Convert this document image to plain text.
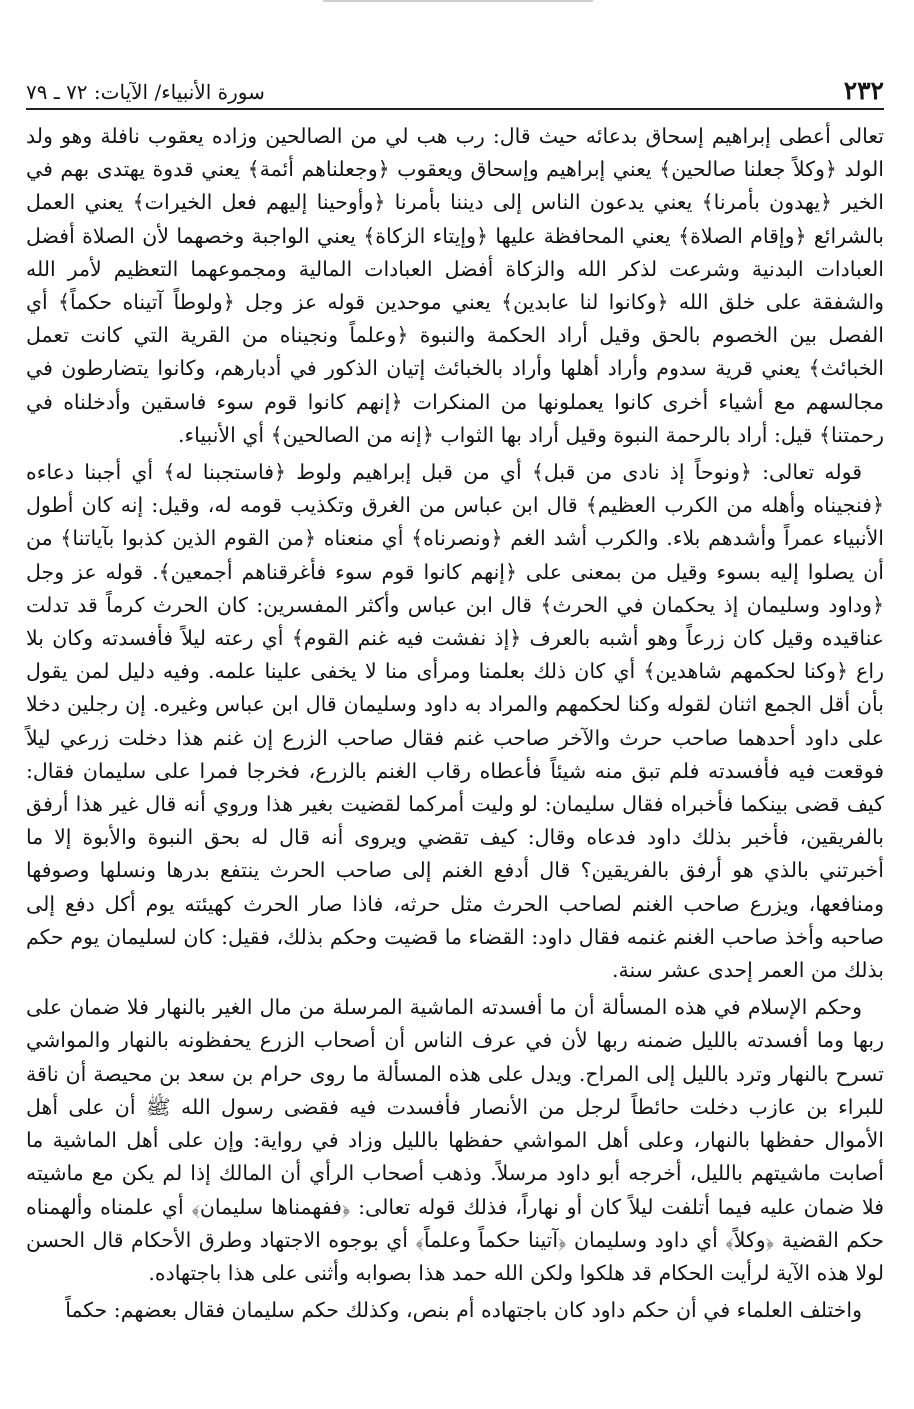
٢٣٢
سورة الأنبياء/ الآيات: ٧٢ ـ ٧٩

تعالى أعطى إبراهيم إسحاق بدعائه حيث قال: رب هب لي من الصالحين وزاده يعقوب نافلة وهو ولد الولد ﴿وكلاً جعلنا صالحين﴾ يعني إبراهيم وإسحاق ويعقوب ﴿وجعلناهم أئمة﴾ يعني قدوة يهتدى بهم في الخير ﴿يهدون بأمرنا﴾ يعني يدعون الناس إلى ديننا بأمرنا ﴿وأوحينا إليهم فعل الخيرات﴾ يعني العمل بالشرائع ﴿وإقام الصلاة﴾ يعني المحافظة عليها ﴿وإيتاء الزكاة﴾ يعني الواجبة وخصهما لأن الصلاة أفضل العبادات البدنية وشرعت لذكر الله والزكاة أفضل العبادات المالية ومجموعهما التعظيم لأمر الله والشفقة على خلق الله ﴿وكانوا لنا عابدين﴾ يعني موحدين قوله عز وجل ﴿ولوطاً آتيناه حكماً﴾ أي الفصل بين الخصوم بالحق وقيل أراد الحكمة والنبوة ﴿وعلماً ونجيناه من القرية التي كانت تعمل الخبائث﴾ يعني قرية سدوم وأراد أهلها وأراد بالخبائث إتيان الذكور في أدبارهم، وكانوا يتضارطون في مجالسهم مع أشياء أخرى كانوا يعملونها من المنكرات ﴿إنهم كانوا قوم سوء فاسقين وأدخلناه في رحمتنا﴾ قيل: أراد بالرحمة النبوة وقيل أراد بها الثواب ﴿إنه من الصالحين﴾ أي الأنبياء.

قوله تعالى: ﴿ونوحاً إذ نادى من قبل﴾ أي من قبل إبراهيم ولوط ﴿فاستجبنا له﴾ أي أجبنا دعاءه ﴿فنجيناه وأهله من الكرب العظيم﴾ قال ابن عباس من الغرق وتكذيب قومه له، وقيل: إنه كان أطول الأنبياء عمراً وأشدهم بلاء. والكرب أشد الغم ﴿ونصرناه﴾ أي منعناه ﴿من القوم الذين كذبوا بآياتنا﴾ من أن يصلوا إليه بسوء وقيل من بمعنى على ﴿إنهم كانوا قوم سوء فأغرقناهم أجمعين﴾. قوله عز وجل ﴿وداود وسليمان إذ يحكمان في الحرث﴾ قال ابن عباس وأكثر المفسرين: كان الحرث كرماً قد تدلت عناقيده وقيل كان زرعاً وهو أشبه بالعرف ﴿إذ نفشت فيه غنم القوم﴾ أي رعته ليلاً فأفسدته وكان بلا راع ﴿وكنا لحكمهم شاهدين﴾ أي كان ذلك بعلمنا ومرأى منا لا يخفى علينا علمه. وفيه دليل لمن يقول بأن أقل الجمع اثنان لقوله وكنا لحكمهم والمراد به داود وسليمان قال ابن عباس وغيره. إن رجلين دخلا على داود أحدهما صاحب حرث والآخر صاحب غنم فقال صاحب الزرع إن غنم هذا دخلت زرعي ليلاً فوقعت فيه فأفسدته فلم تبق منه شيئاً فأعطاه رقاب الغنم بالزرع، فخرجا فمرا على سليمان فقال: كيف قضى بينكما فأخبراه فقال سليمان: لو وليت أمركما لقضيت بغير هذا وروي أنه قال غير هذا أرفق بالفريقين، فأخبر بذلك داود فدعاه وقال: كيف تقضي ويروى أنه قال له بحق النبوة والأبوة إلا ما أخبرتني بالذي هو أرفق بالفريقين؟ قال أدفع الغنم إلى صاحب الحرث ينتفع بدرها ونسلها وصوفها ومنافعها، ويزرع صاحب الغنم لصاحب الحرث مثل حرثه، فاذا صار الحرث كهيئته يوم أكل دفع إلى صاحبه وأخذ صاحب الغنم غنمه فقال داود: القضاء ما قضيت وحكم بذلك، فقيل: كان لسليمان يوم حكم بذلك من العمر إحدى عشر سنة.

وحكم الإسلام في هذه المسألة أن ما أفسدته الماشية المرسلة من مال الغير بالنهار فلا ضمان على ربها وما أفسدته بالليل ضمنه ربها لأن في عرف الناس أن أصحاب الزرع يحفظونه بالنهار والمواشي تسرح بالنهار وترد بالليل إلى المراح. ويدل على هذه المسألة ما روى حرام بن سعد بن محيصة أن ناقة للبراء بن عازب دخلت حائطاً لرجل من الأنصار فأفسدت فيه فقضى رسول الله ﷺ أن على أهل الأموال حفظها بالنهار، وعلى أهل المواشي حفظها بالليل وزاد في رواية: وإن على أهل الماشية ما أصابت ماشيتهم بالليل، أخرجه أبو داود مرسلاً. وذهب أصحاب الرأي أن المالك إذا لم يكن مع ماشيته فلا ضمان عليه فيما أتلفت ليلاً كان أو نهاراً، فذلك قوله تعالى: ﴿ففهمناها سليمان﴾ أي علمناه وألهمناه حكم القضية ﴿وكلاً﴾ أي داود وسليمان ﴿آتينا حكماً وعلماً﴾ أي بوجوه الاجتهاد وطرق الأحكام قال الحسن لولا هذه الآية لرأيت الحكام قد هلكوا ولكن الله حمد هذا بصوابه وأثنى على هذا باجتهاده.

واختلف العلماء في أن حكم داود كان باجتهاده أم بنص، وكذلك حكم سليمان فقال بعضهم: حكماً
